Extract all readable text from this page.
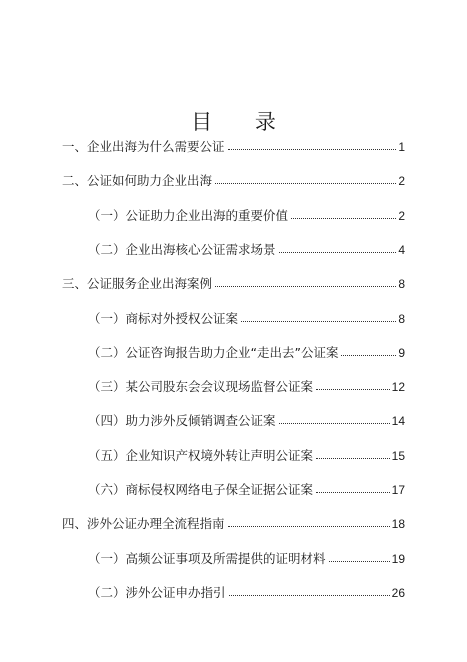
目 录
一、企业出海为什么需要公证	1
二、公证如何助力企业出海	2
（一）公证助力企业出海的重要价值	2
（二）企业出海核心公证需求场景	4
三、公证服务企业出海案例	8
（一）商标对外授权公证案	8
（二）公证咨询报告助力企业“走出去”公证案	9
（三）某公司股东会会议现场监督公证案	12
（四）助力涉外反倾销调查公证案	14
（五）企业知识产权境外转让声明公证案	15
（六）商标侵权网络电子保全证据公证案	17
四、涉外公证办理全流程指南	18
（一）高频公证事项及所需提供的证明材料	19
（二）涉外公证申办指引	26
